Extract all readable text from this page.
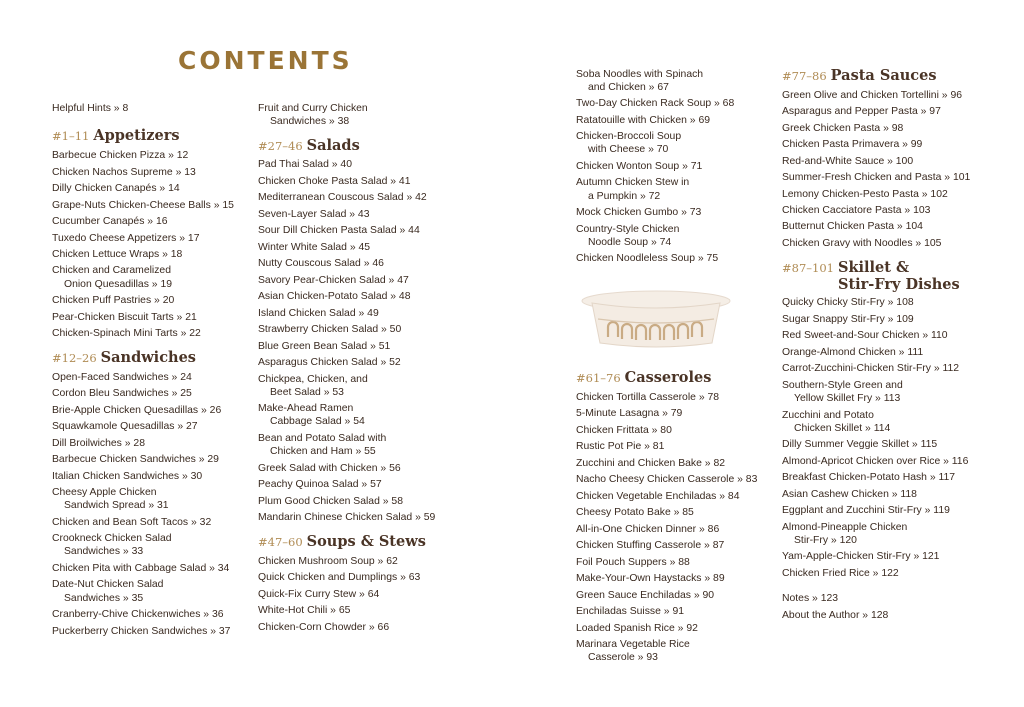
CONTENTS
Helpful Hints » 8
#1–11 Appetizers
Barbecue Chicken Pizza » 12
Chicken Nachos Supreme » 13
Dilly Chicken Canapés » 14
Grape-Nuts Chicken-Cheese Balls » 15
Cucumber Canapés » 16
Tuxedo Cheese Appetizers » 17
Chicken Lettuce Wraps » 18
Chicken and Caramelized
Onion Quesadillas » 19
Chicken Puff Pastries » 20
Pear-Chicken Biscuit Tarts » 21
Chicken-Spinach Mini Tarts » 22
#12–26 Sandwiches
Open-Faced Sandwiches » 24
Cordon Bleu Sandwiches » 25
Brie-Apple Chicken Quesadillas » 26
Squawkamole Quesadillas » 27
Dill Broilwiches » 28
Barbecue Chicken Sandwiches » 29
Italian Chicken Sandwiches » 30
Cheesy Apple Chicken
Sandwich Spread » 31
Chicken and Bean Soft Tacos » 32
Crookneck Chicken Salad
Sandwiches » 33
Chicken Pita with Cabbage Salad » 34
Date-Nut Chicken Salad
Sandwiches » 35
Cranberry-Chive Chickenwiches » 36
Puckerberry Chicken Sandwiches » 37
Fruit and Curry Chicken
Sandwiches » 38
#27–46 Salads
Pad Thai Salad » 40
Chicken Choke Pasta Salad » 41
Mediterranean Couscous Salad » 42
Seven-Layer Salad » 43
Sour Dill Chicken Pasta Salad » 44
Winter White Salad » 45
Nutty Couscous Salad » 46
Savory Pear-Chicken Salad » 47
Asian Chicken-Potato Salad » 48
Island Chicken Salad » 49
Strawberry Chicken Salad » 50
Blue Green Bean Salad » 51
Asparagus Chicken Salad » 52
Chickpea, Chicken, and
Beet Salad » 53
Make-Ahead Ramen
Cabbage Salad » 54
Bean and Potato Salad with
Chicken and Ham » 55
Greek Salad with Chicken » 56
Peachy Quinoa Salad » 57
Plum Good Chicken Salad » 58
Mandarin Chinese Chicken Salad » 59
#47–60 Soups & Stews
Chicken Mushroom Soup » 62
Quick Chicken and Dumplings » 63
Quick-Fix Curry Stew » 64
White-Hot Chili » 65
Chicken-Corn Chowder » 66
Soba Noodles with Spinach
and Chicken » 67
Two-Day Chicken Rack Soup » 68
Ratatouille with Chicken » 69
Chicken-Broccoli Soup
with Cheese » 70
Chicken Wonton Soup » 71
Autumn Chicken Stew in
a Pumpkin » 72
Mock Chicken Gumbo » 73
Country-Style Chicken
Noodle Soup » 74
Chicken Noodleless Soup » 75
#61–76 Casseroles
Chicken Tortilla Casserole » 78
5-Minute Lasagna » 79
Chicken Frittata » 80
Rustic Pot Pie » 81
Zucchini and Chicken Bake » 82
Nacho Cheesy Chicken Casserole » 83
Chicken Vegetable Enchiladas » 84
Cheesy Potato Bake » 85
All-in-One Chicken Dinner » 86
Chicken Stuffing Casserole » 87
Foil Pouch Suppers » 88
Make-Your-Own Haystacks » 89
Green Sauce Enchiladas » 90
Enchiladas Suisse » 91
Loaded Spanish Rice » 92
Marinara Vegetable Rice
Casserole » 93
#77–86 Pasta Sauces
Green Olive and Chicken Tortellini » 96
Asparagus and Pepper Pasta » 97
Greek Chicken Pasta » 98
Chicken Pasta Primavera » 99
Red-and-White Sauce » 100
Summer-Fresh Chicken and Pasta » 101
Lemony Chicken-Pesto Pasta » 102
Chicken Cacciatore Pasta » 103
Butternut Chicken Pasta » 104
Chicken Gravy with Noodles » 105
#87–101 Skillet &
Stir-Fry Dishes
Quicky Chicky Stir-Fry » 108
Sugar Snappy Stir-Fry » 109
Red Sweet-and-Sour Chicken » 110
Orange-Almond Chicken » 111
Carrot-Zucchini-Chicken Stir-Fry » 112
Southern-Style Green and
Yellow Skillet Fry » 113
Zucchini and Potato
Chicken Skillet » 114
Dilly Summer Veggie Skillet » 115
Almond-Apricot Chicken over Rice » 116
Breakfast Chicken-Potato Hash » 117
Asian Cashew Chicken » 118
Eggplant and Zucchini Stir-Fry » 119
Almond-Pineapple Chicken
Stir-Fry » 120
Yam-Apple-Chicken Stir-Fry » 121
Chicken Fried Rice » 122
Notes » 123
About the Author » 128
